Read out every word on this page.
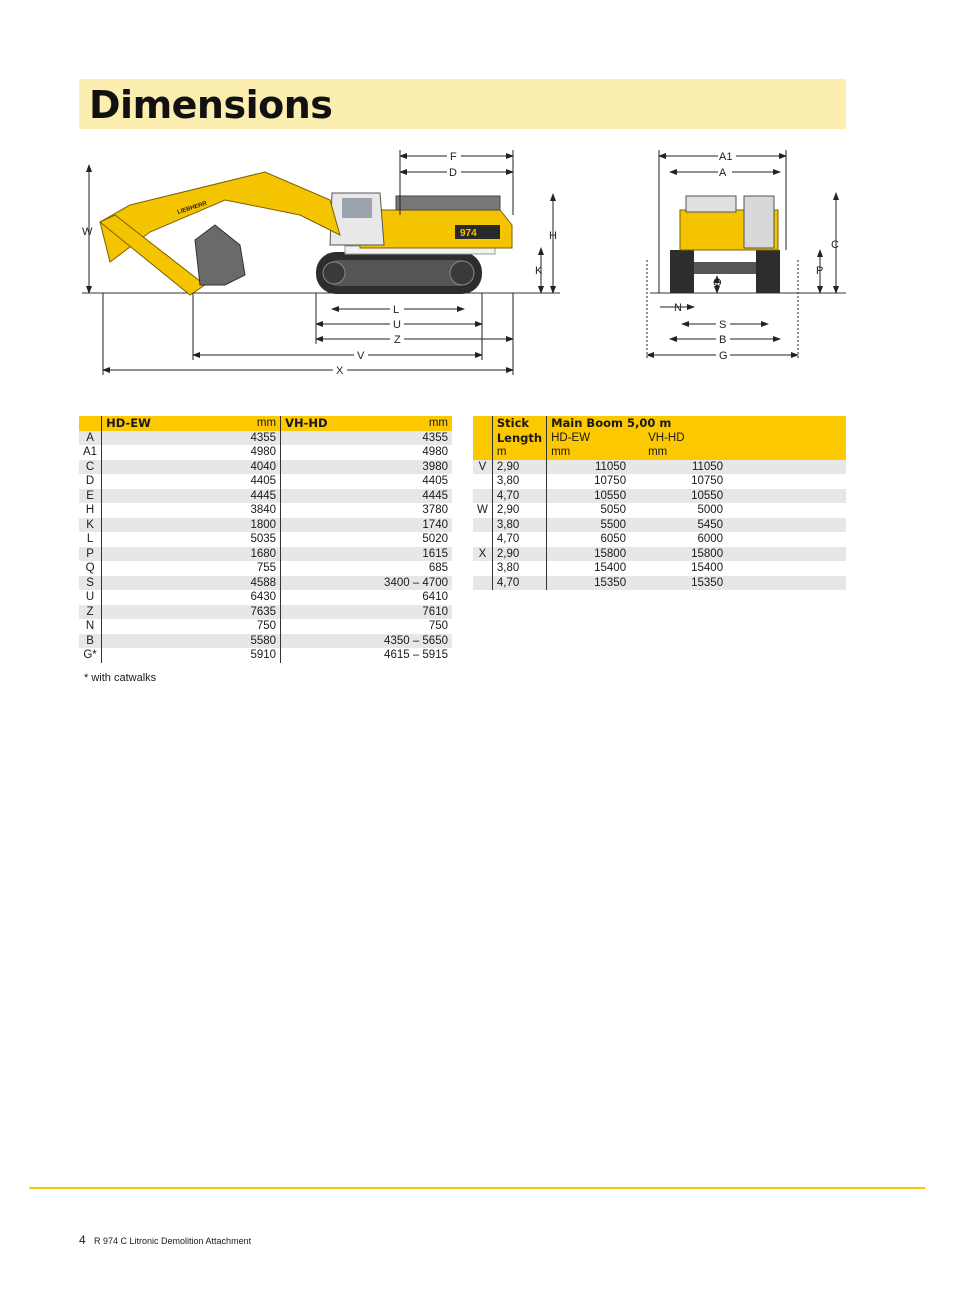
Dimensions
974
LIEBHERR
F
D
H
K
W
L
U
Z
V
X
A1
A
C
P
O
N
S
B
G
	HD-EW mm	VH-HD mm

A	4355	4355
A1	4980	4980
C	4040	3980
D	4405	4405
E	4445	4445
H	3840	3780
K	1800	1740
L	5035	5020
P	1680	1615
Q	755	685
S	4588	3400 – 4700
U	6430	6410
Z	7635	7610
N	750	750
B	5580	4350 – 5650
G*	5910	4615 – 5915
	Stick	Main Boom 5,00 m		
	Length	HD-EW	VH-HD	
	m	mm	mm	
V	2,90	11050	11050	
	3,80	10750	10750	
	4,70	10550	10550	
W	2,90	5050	5000	
	3,80	5500	5450	
	4,70	6050	6000	
X	2,90	15800	15800	
	3,80	15400	15400	
	4,70	15350	15350	
* with catwalks
4 R 974 C Litronic Demolition Attachment
